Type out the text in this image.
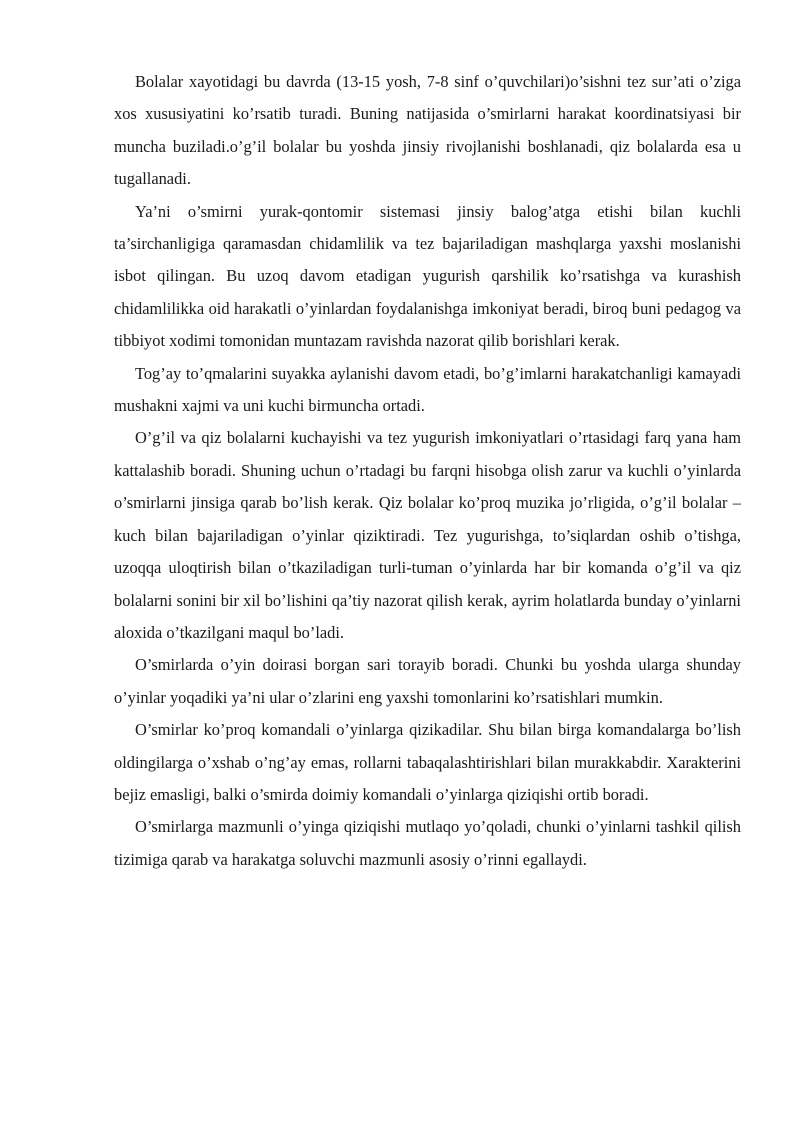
Bolalar xayotidagi bu davrda (13-15 yosh, 7-8 sinf o’quvchilari)o’sishni tez sur’ati o’ziga xos xususiyatini ko’rsatib turadi. Buning natijasida o’smirlarni harakat koordinatsiyasi bir muncha buziladi.o’g’il bolalar bu yoshda jinsiy rivojlanishi boshlanadi, qiz bolalarda esa u tugallanadi.

Ya’ni o’smirni yurak-qontomir sistemasi jinsiy balog’atga etishi bilan kuchli ta’sirchanligiga qaramasdan chidamlilik va tez bajariladigan mashqlarga yaxshi moslanishi isbot qilingan. Bu uzoq davom etadigan yugurish qarshilik ko’rsatishga va kurashish chidamlilikka oid harakatli o’yinlardan foydalanishga imkoniyat beradi, biroq buni pedagog va tibbiyot xodimi tomonidan muntazam ravishda nazorat qilib borishlari kerak.

Tog’ay to’qmalarini suyakka aylanishi davom etadi, bo’g’imlarni harakatchanligi kamayadi mushakni xajmi va uni kuchi birmuncha ortadi.

O’g’il va qiz bolalarni kuchayishi va tez yugurish imkoniyatlari o’rtasidagi farq yana ham kattalashib boradi. Shuning uchun o’rtadagi bu farqni hisobga olish zarur va kuchli o’yinlarda o’smirlarni jinsiga qarab bo’lish kerak. Qiz bolalar ko’proq muzika jo’rligida, o’g’il bolalar – kuch bilan bajariladigan o’yinlar qiziktiradi. Tez yugurishga, to’siqlardan oshib o’tishga, uzoqqa uloqtirish bilan o’tkaziladigan turli-tuman o’yinlarda har bir komanda o’g’il va qiz bolalarni sonini bir xil bo’lishini qa’tiy nazorat qilish kerak, ayrim holatlarda bunday o’yinlarni aloxida o’tkazilgani maqul bo’ladi.

O’smirlarda o’yin doirasi borgan sari torayib boradi. Chunki bu yoshda ularga shunday o’yinlar yoqadiki ya’ni ular o’zlarini eng yaxshi tomonlarini ko’rsatishlari mumkin.

O’smirlar ko’proq komandali o’yinlarga qizikadilar. Shu bilan birga komandalarga bo’lish oldingilarga o’xshab o’ng’ay emas, rollarni tabaqalashtirishlari bilan murakkabdir. Xarakterini bejiz emasligi, balki o’smirda doimiy komandali o’yinlarga qiziqishi ortib boradi.

O’smirlarga mazmunli o’yinga qiziqishi mutlaqo yo’qoladi, chunki o’yinlarni tashkil qilish tizimiga qarab va harakatga soluvchi mazmunli asosiy o’rinni egallaydi.
